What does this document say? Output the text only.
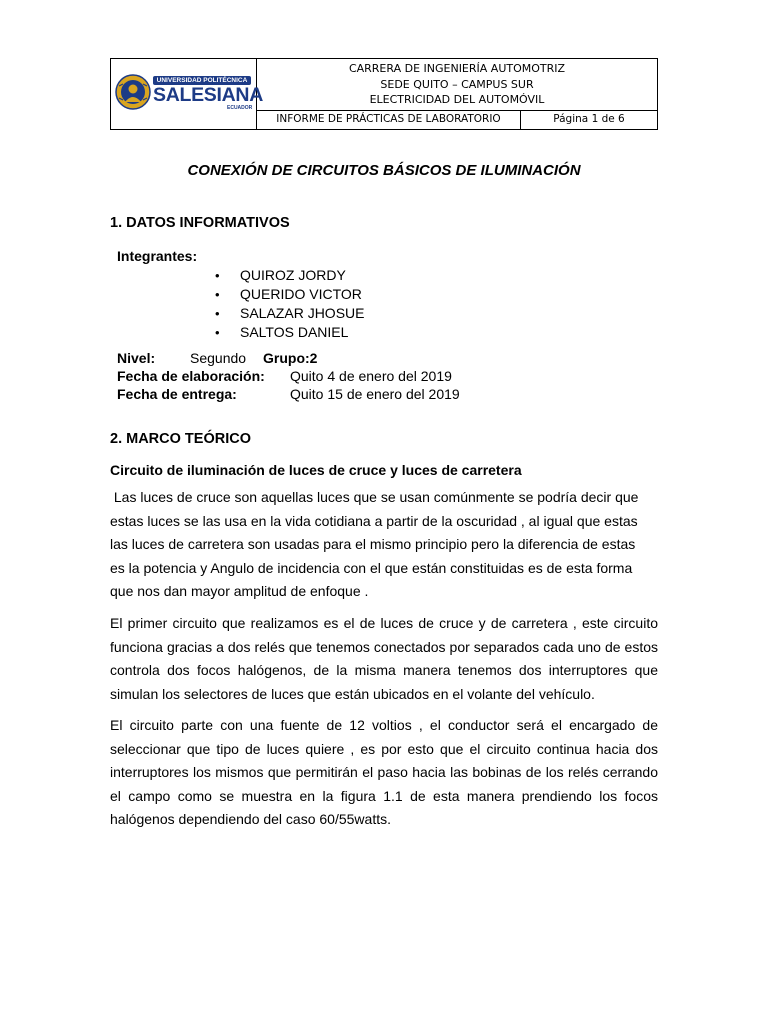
UNIVERSIDAD POLITÉCNICA
SALESIANA
ECUADOR
CARRERA DE INGENIERÍA AUTOMOTRIZ
SEDE QUITO – CAMPUS SUR
ELECTRICIDAD DEL AUTOMÓVIL
INFORME DE PRÁCTICAS DE LABORATORIO	Página 1 de 6
CONEXIÓN DE CIRCUITOS BÁSICOS DE ILUMINACIÓN
1. DATOS INFORMATIVOS
Integrantes:
• QUIROZ JORDY
• QUERIDO VICTOR
• SALAZAR JHOSUE
• SALTOS DANIEL
Nivel: Segundo Grupo:2
Fecha de elaboración: Quito 4 de enero del 2019
Fecha de entrega:	Quito 15 de enero del 2019
2. MARCO TEÓRICO
Circuito de iluminación de luces de cruce y luces de carretera
Las luces de cruce son aquellas luces que se usan comúnmente se podría decir que
estas luces se las usa en la vida cotidiana a partir de la oscuridad , al igual que estas
las luces de carretera son usadas para el mismo principio pero la diferencia de estas
es la potencia y Angulo de incidencia con el que están constituidas es de esta forma
que nos dan mayor amplitud de enfoque .
El primer circuito que realizamos es el de luces de cruce y de carretera , este circuito
funciona gracias a dos relés que tenemos conectados por separados cada uno de estos
controla dos focos halógenos, de la misma manera tenemos dos interruptores que
simulan los selectores de luces que están ubicados en el volante del vehículo.
El circuito parte con una fuente de 12 voltios , el conductor será el encargado de
seleccionar que tipo de luces quiere , es por esto que el circuito continua hacia dos
interruptores los mismos que permitirán el paso hacia las bobinas de los relés cerrando
el campo como se muestra en la figura 1.1 de esta manera prendiendo los focos
halógenos dependiendo del caso 60/55watts.
